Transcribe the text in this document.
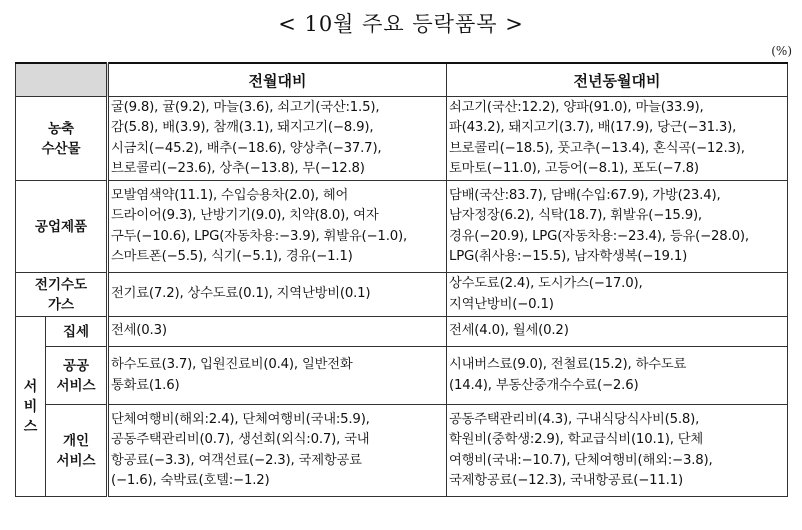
< 10월 주요 등락품목 >
(%)
		전월대비	전년동월대비

농축
수산물		굴(9.8), 귤(9.2), 마늘(3.6), 쇠고기(국산:1.5),
감(5.8), 배(3.9), 참깨(3.1), 돼지고기(−8.9),
시금치(−45.2), 배추(−18.6), 양상추(−37.7),
브로콜리(−23.6), 상추(−13.8), 무(−12.8)	쇠고기(국산:12.2), 양파(91.0), 마늘(33.9),
파(43.2), 돼지고기(3.7), 배(17.9), 당근(−31.3),
브로콜리(−18.5), 풋고추(−13.4), 혼식곡(−12.3),
토마토(−11.0), 고등어(−8.1), 포도(−7.8)

공업제품		모발염색약(11.1), 수입승용차(2.0), 헤어
드라이어(9.3), 난방기기(9.0), 치약(8.0), 여자
구두(−10.6), LPG(자동차용:−3.9), 휘발유(−1.0),
스마트폰(−5.5), 식기(−5.1), 경유(−1.1)	담배(국산:83.7), 담배(수입:67.9), 가방(23.4),
남자정장(6.2), 식탁(18.7), 휘발유(−15.9),
경유(−20.9), LPG(자동차용:−23.4), 등유(−28.0),
LPG(취사용:−15.5), 남자학생복(−19.1)

전기수도
가스		전기료(7.2), 상수도료(0.1), 지역난방비(0.1)	상수도료(2.4), 도시가스(−17.0),
지역난방비(−0.1)

서
비
스	집세	전세(0.3)	전세(4.0), 월세(0.2)

	공공
서비스	하수도료(3.7), 입원진료비(0.4), 일반전화
통화료(1.6)	시내버스료(9.0), 전철료(15.2), 하수도료
(14.4), 부동산중개수수료(−2.6)

	개인
서비스	단체여행비(해외:2.4), 단체여행비(국내:5.9),
공동주택관리비(0.7), 생선회(외식:0.7), 국내
항공료(−3.3), 여객선료(−2.3), 국제항공료
(−1.6), 숙박료(호텔:−1.2)	공동주택관리비(4.3), 구내식당식사비(5.8),
학원비(중학생:2.9), 학교급식비(10.1), 단체
여행비(국내:−10.7), 단체여행비(해외:−3.8),
국제항공료(−12.3), 국내항공료(−11.1)
